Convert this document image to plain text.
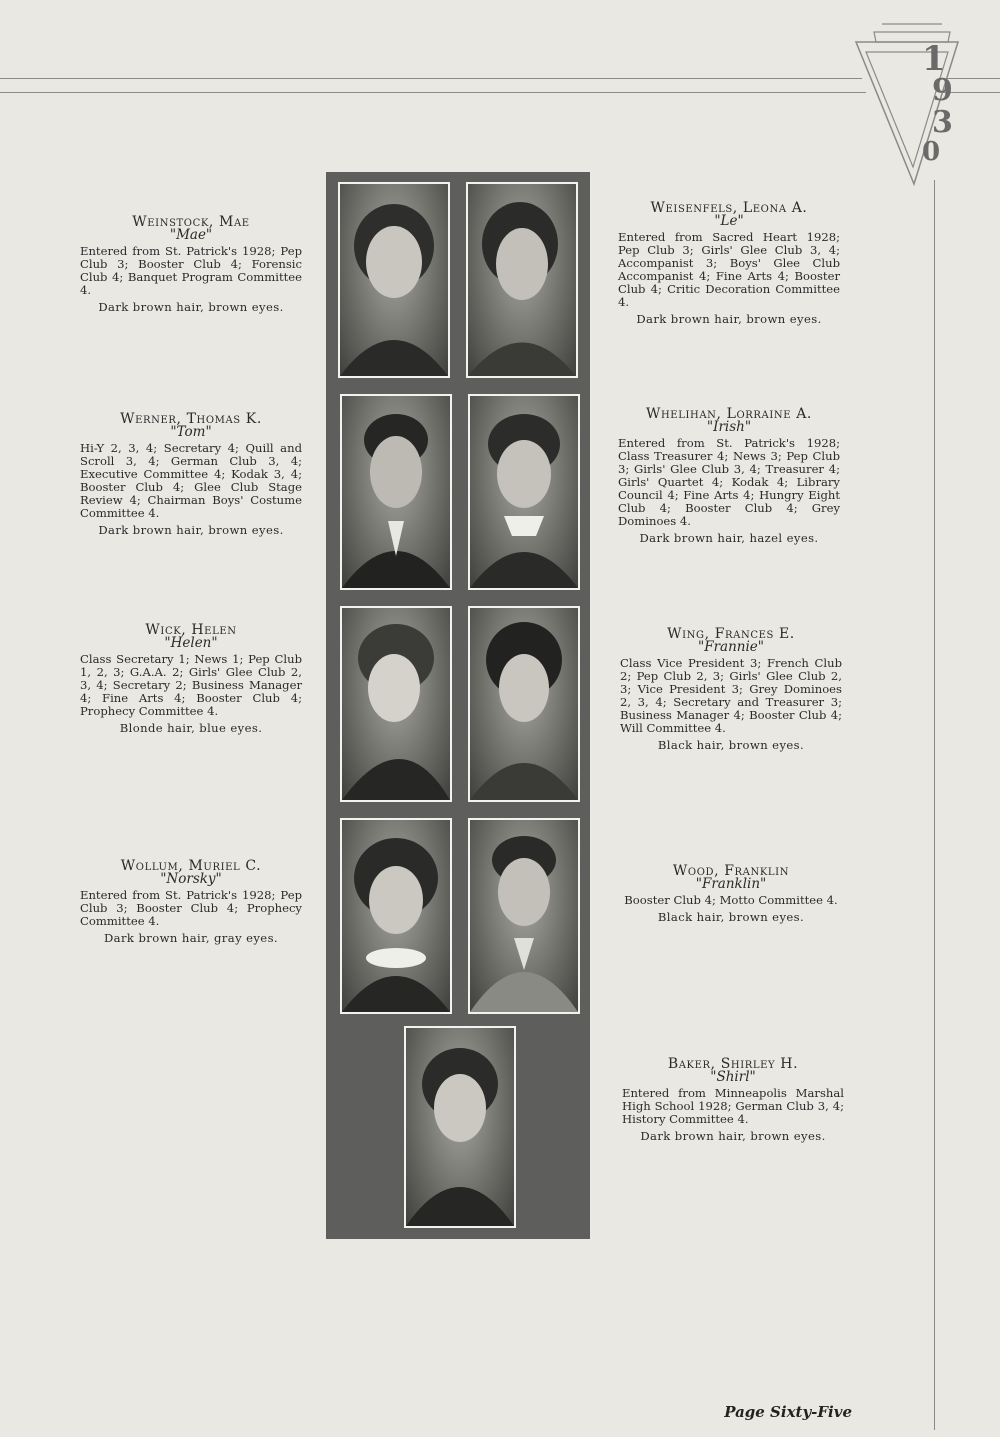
1
9
3
0
Weinstock, Mae
"Mae"
Entered from St. Patrick's 1928; Pep Club 3; Booster Club 4; Forensic Club 4; Banquet Program Committee 4.
Dark brown hair, brown eyes.
Werner, Thomas K.
"Tom"
Hi-Y 2, 3, 4; Secretary 4; Quill and Scroll 3, 4; German Club 3, 4; Executive Committee 4; Kodak 3, 4; Booster Club 4; Glee Club Stage Review 4; Chairman Boys' Costume Committee 4.
Dark brown hair, brown eyes.
Wick, Helen
"Helen"
Class Secretary 1; News 1; Pep Club 1, 2, 3; G.A.A. 2; Girls' Glee Club 2, 3, 4; Secretary 2; Business Manager 4; Fine Arts 4; Booster Club 4; Prophecy Committee 4.
Blonde hair, blue eyes.
Wollum, Muriel C.
"Norsky"
Entered from St. Patrick's 1928; Pep Club 3; Booster Club 4; Prophecy Committee 4.
Dark brown hair, gray eyes.
Weisenfels, Leona A.
"Le"
Entered from Sacred Heart 1928; Pep Club 3; Girls' Glee Club 3, 4; Accompanist 3; Boys' Glee Club Accompanist 4; Fine Arts 4; Booster Club 4; Critic Decoration Committee 4.
Dark brown hair, brown eyes.
Whelihan, Lorraine A.
"Irish"
Entered from St. Patrick's 1928; Class Treasurer 4; News 3; Pep Club 3; Girls' Glee Club 3, 4; Treasurer 4; Girls' Quartet 4; Kodak 4; Library Council 4; Fine Arts 4; Hungry Eight Club 4; Booster Club 4; Grey Dominoes 4.
Dark brown hair, hazel eyes.
Wing, Frances E.
"Frannie"
Class Vice President 3; French Club 2; Pep Club 2, 3; Girls' Glee Club 2, 3; Vice President 3; Grey Dominoes 2, 3, 4; Secretary and Treasurer 3; Business Manager 4; Booster Club 4; Will Committee 4.
Black hair, brown eyes.
Wood, Franklin
"Franklin"
Booster Club 4; Motto Committee 4.
Black hair, brown eyes.
Baker, Shirley H.
"Shirl"
Entered from Minneapolis Marshal High School 1928; German Club 3, 4; History Committee 4.
Dark brown hair, brown eyes.
Page Sixty-Five
